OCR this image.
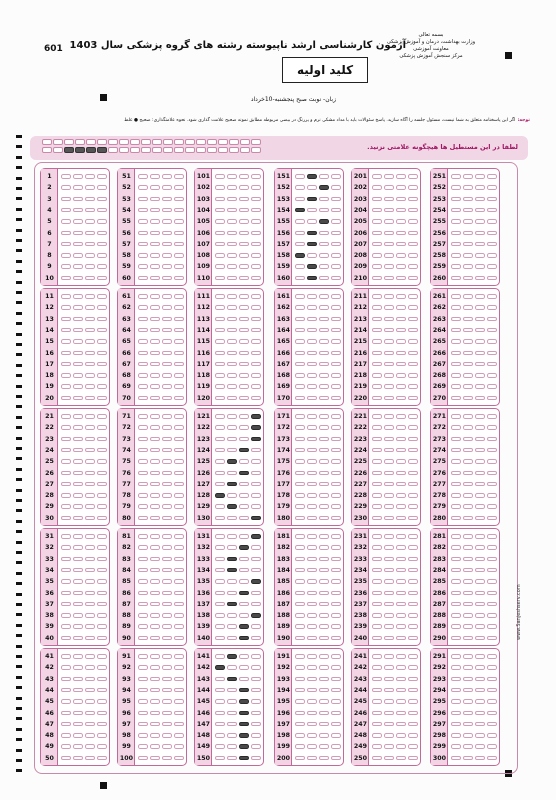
601 آزمون کارشناسی ارشد ناپیوسته رشته های گروه پزشکی سال 1403
بسمه تعالی
وزارت بهداشت، درمان و آموزش پزشکی
معاونت آموزشی
مرکز سنجش آموزش پزشکی
کلید اولیه
زبان- نوبت صبح پنجشنبه-10خرداد
توجه:
اگر این پاسخنامه متعلق به شما نیست، مسئول جلسه را آگاه سازید. پاسخ سئوالات باید با مداد مشکی نرم و پررنگ در بیضی مربوطه مطابق نمونه صحیح علامت گذاری شود. نحوه علامتگذاری: صحیح ● غلط
لطفا در این مستطیل ها هیچگونه علامتی نزنید.
1
2
3
4
5
6
7
8
9
10
11
12
13
14
15
16
17
18
19
20
21
22
23
24
25
26
27
28
29
30
31
32
33
34
35
36
37
38
39
40
41
42
43
44
45
46
47
48
49
50
51
52
53
54
55
56
57
58
59
60
61
62
63
64
65
66
67
68
69
70
71
72
73
74
75
76
77
78
79
80
81
82
83
84
85
86
87
88
89
90
91
92
93
94
95
96
97
98
99
100
101
102
103
104
105
106
107
108
109
110
111
112
113
114
115
116
117
118
119
120
121
122
123
124
125
126
127
128
129
130
131
132
133
134
135
136
137
138
139
140
141
142
143
144
145
146
147
148
149
150
151
152
153
154
155
156
157
158
159
160
161
162
163
164
165
166
167
168
169
170
171
172
173
174
175
176
177
178
179
180
181
182
183
184
185
186
187
188
189
190
191
192
193
194
195
196
197
198
199
200
201
202
203
204
205
206
207
208
209
210
211
212
213
214
215
216
217
218
219
220
221
222
223
224
225
226
227
228
229
230
231
232
233
234
235
236
237
238
239
240
241
242
243
244
245
246
247
248
249
250
251
252
253
254
255
256
257
258
259
260
261
262
263
264
265
266
267
268
269
270
271
272
273
274
275
276
277
278
279
280
281
282
283
284
285
286
287
288
289
290
291
292
293
294
295
296
297
298
299
300
www.Sanjeshserv.com
